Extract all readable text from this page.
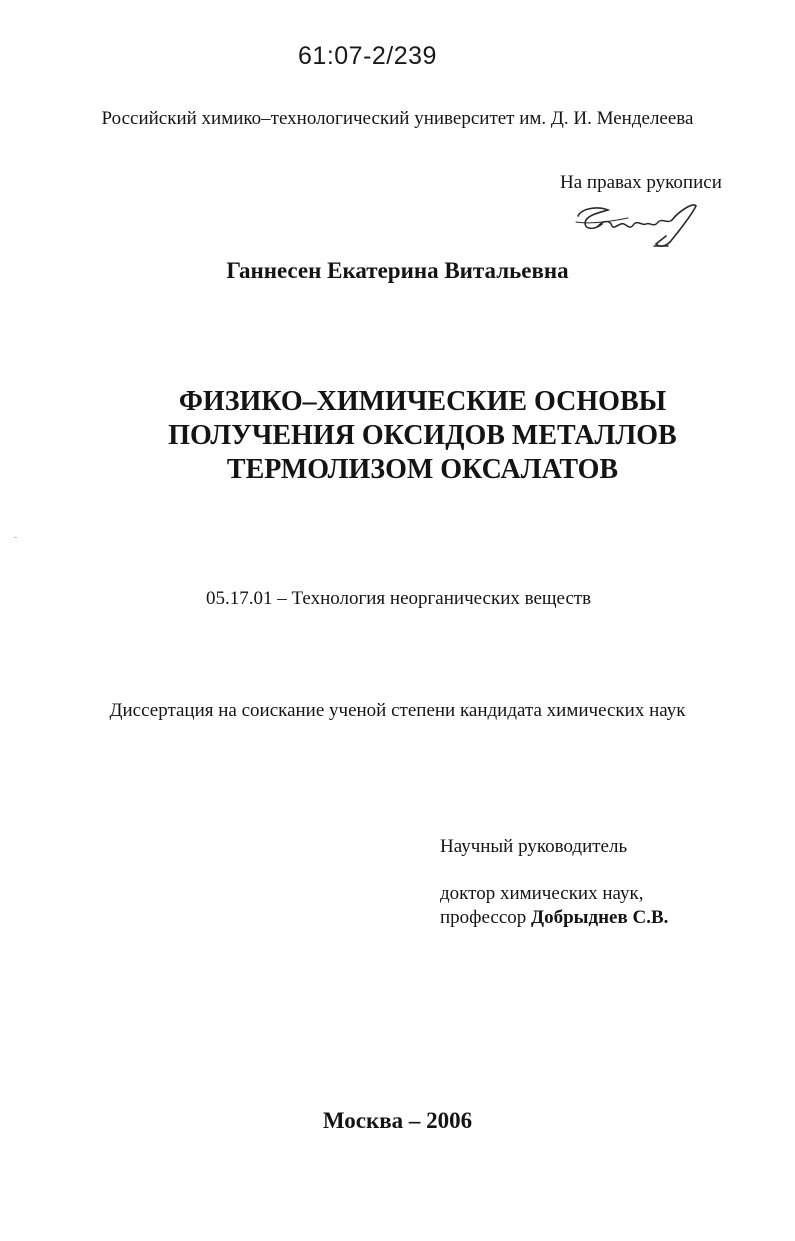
61:07-2/239
Российский химико–технологический университет им. Д. И. Менделеева
На правах рукописи
Ганнесен Екатерина Витальевна
ФИЗИКО–ХИМИЧЕСКИЕ ОСНОВЫ
ПОЛУЧЕНИЯ ОКСИДОВ МЕТАЛЛОВ
ТЕРМОЛИЗОМ ОКСАЛАТОВ
05.17.01 – Технология неорганических веществ
Диссертация на соискание ученой степени кандидата химических наук
Научный руководитель
доктор химических наук,
профессор Добрыднев С.В.
Москва – 2006
